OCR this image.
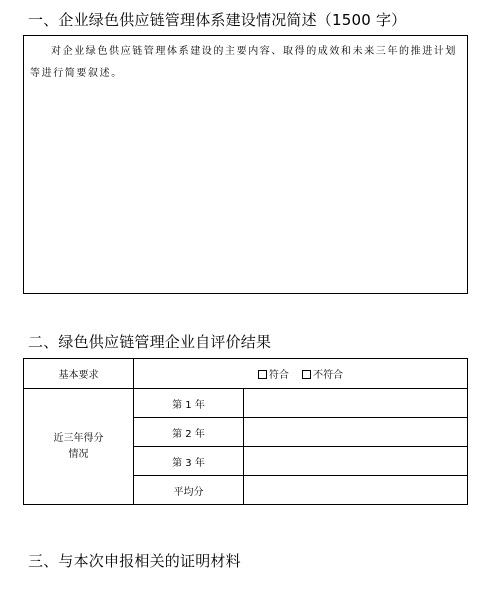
一、企业绿色供应链管理体系建设情况简述（1500 字）
对企业绿色供应链管理体系建设的主要内容、取得的成效和未来三年的推进计划等进行简要叙述。
二、绿色供应链管理企业自评价结果
基本要求	符合 不符合	

近三年得分
情况	第 1 年	
	第 2 年	
	第 3 年	
	平均分	
三、与本次申报相关的证明材料
